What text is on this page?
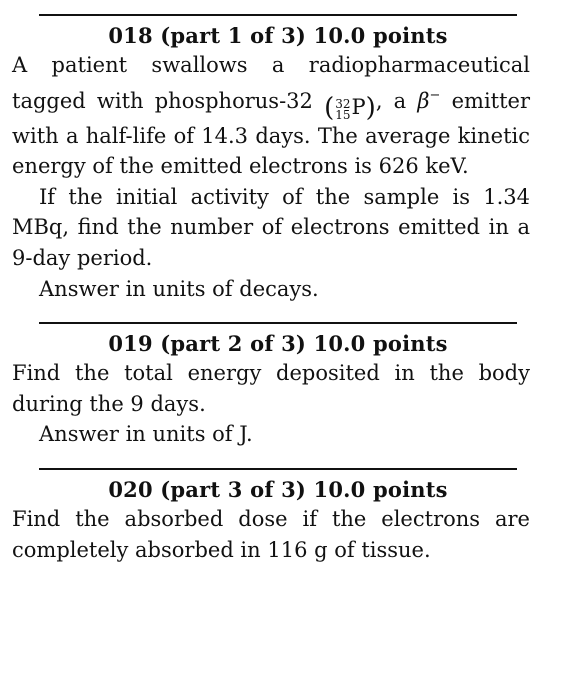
018 (part 1 of 3) 10.0 points

A patient swallows a radiopharmaceutical tagged with phosphorus-32 ( 32
15 P), a β− emitter with a half-life of 14.3 days. The average kinetic energy of the emitted electrons is 626 keV.

If the initial activity of the sample is 1.34 MBq, find the number of electrons emitted in a 9-day period.

Answer in units of decays.

019 (part 2 of 3) 10.0 points

Find the total energy deposited in the body during the 9 days.

Answer in units of J.

020 (part 3 of 3) 10.0 points

Find the absorbed dose if the electrons are completely absorbed in 116 g of tissue.
